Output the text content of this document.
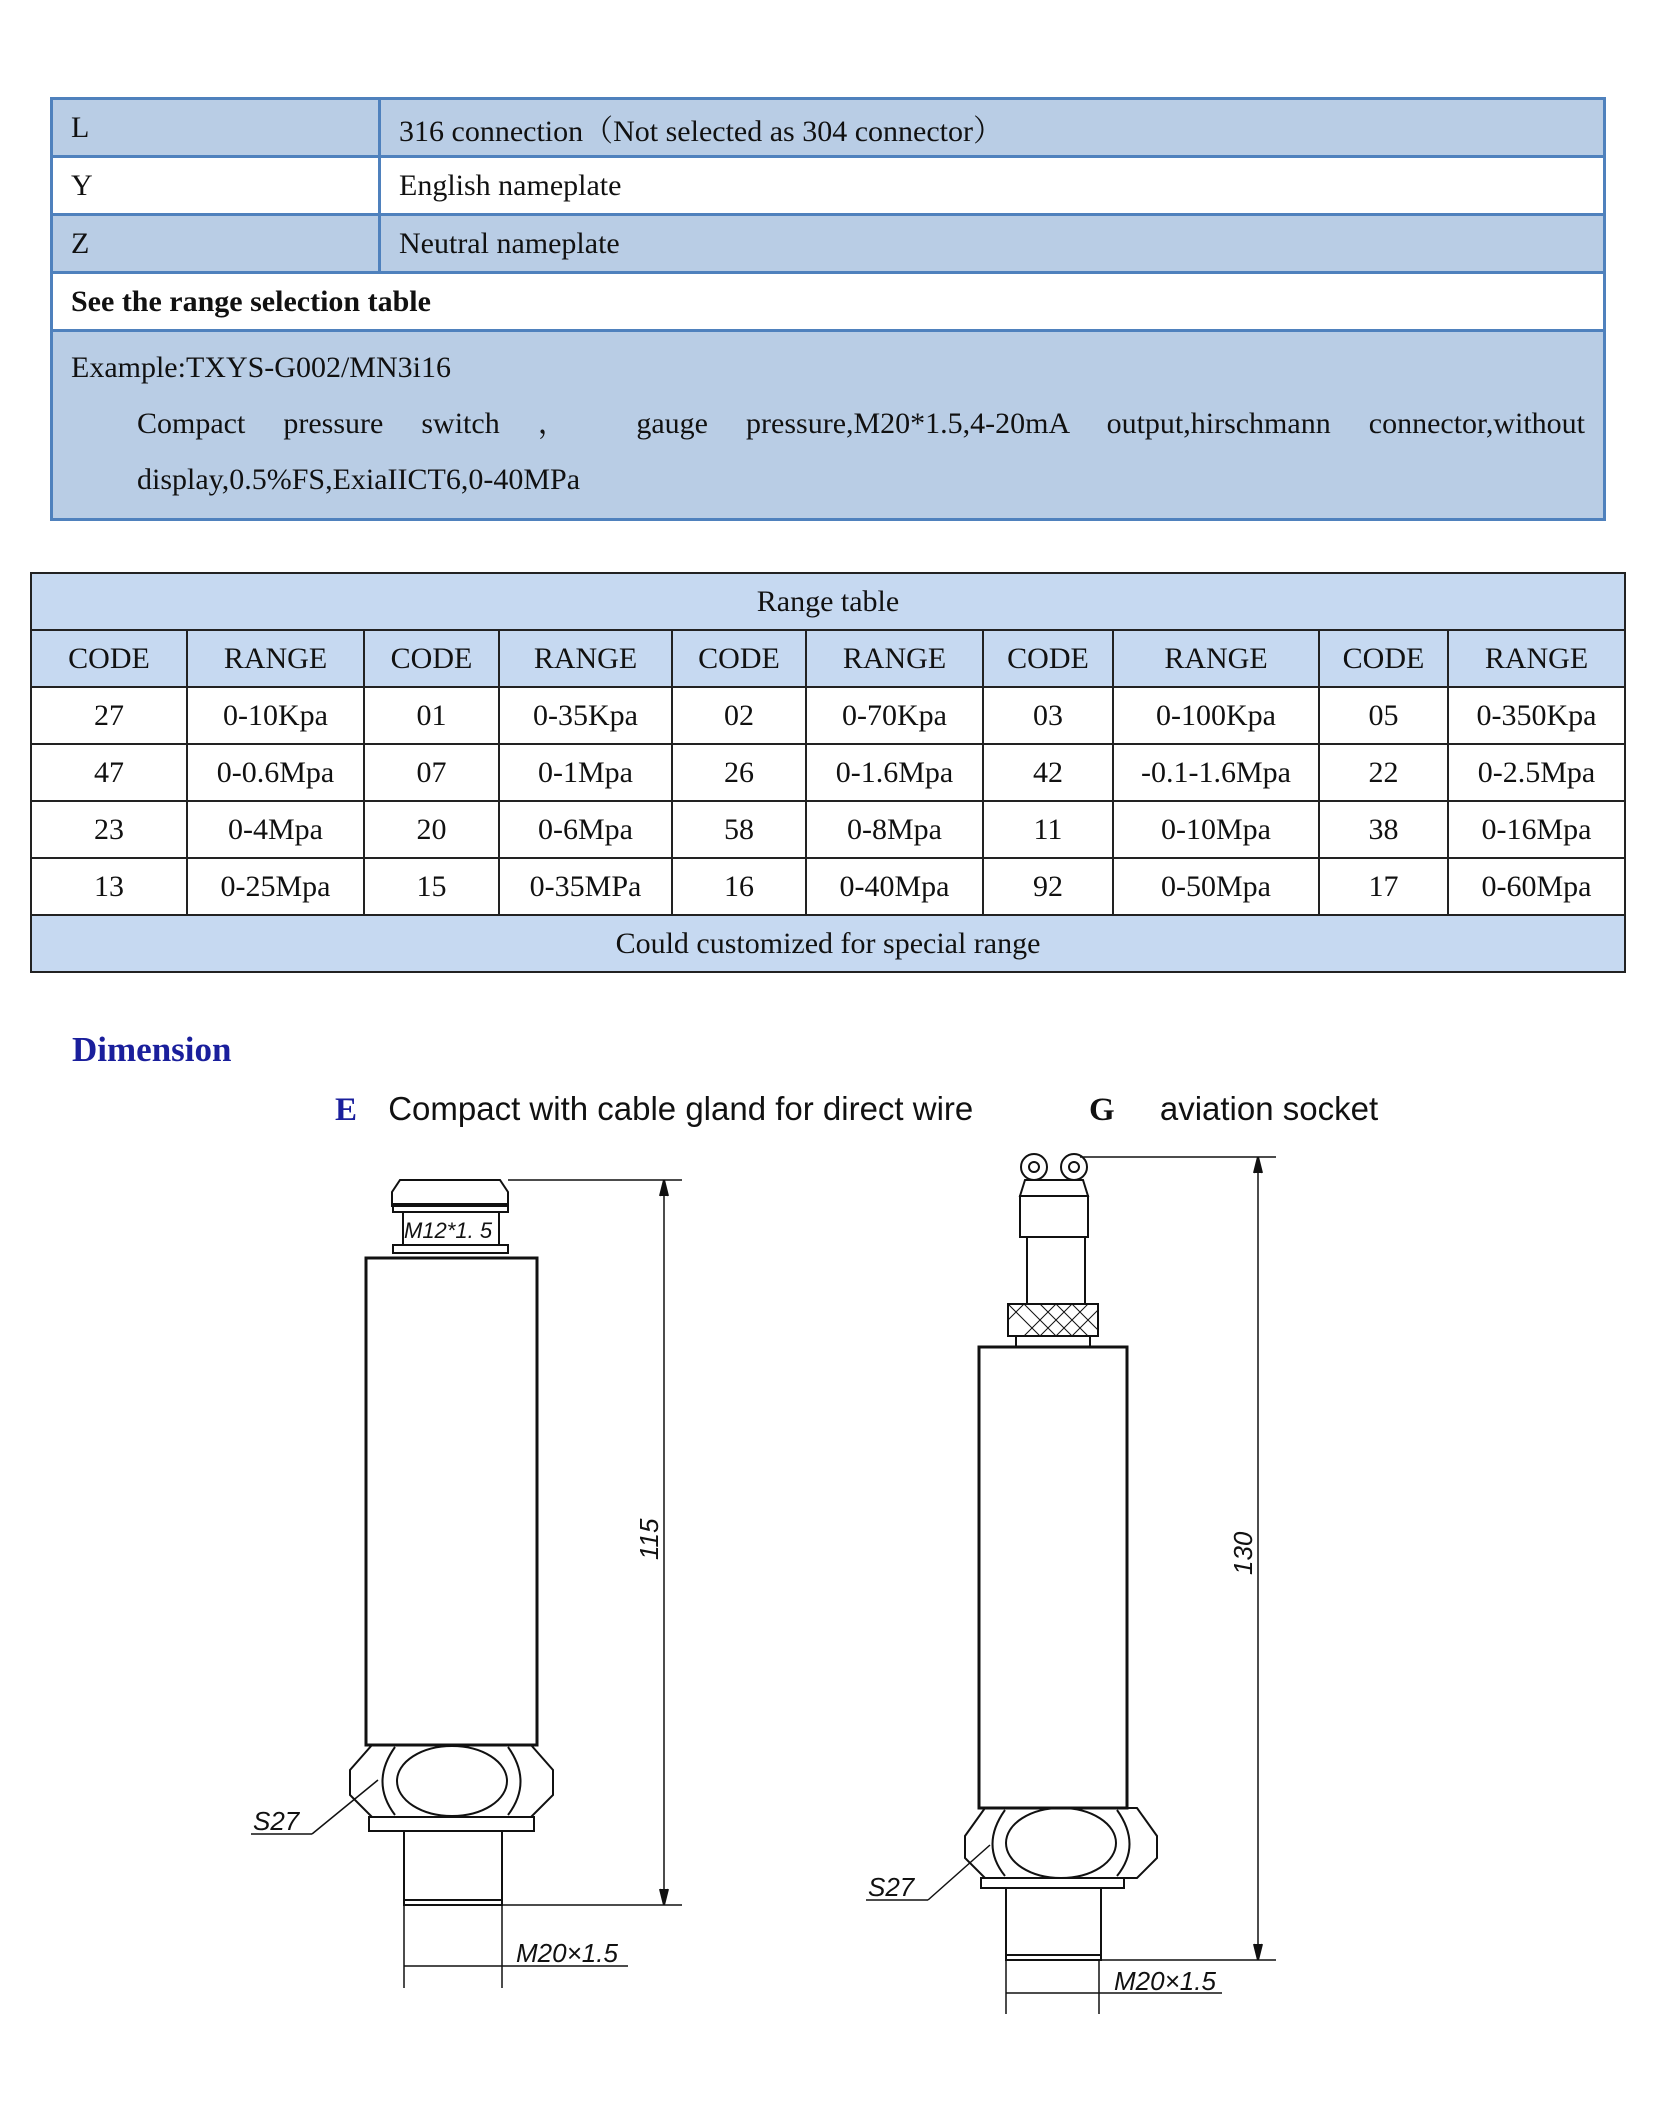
L	316 connection（Not selected as 304 connector）
Y	English nameplate
Z	Neutral nameplate
See the range selection table	
Example:TXYS-G002/MN3i16
Compact pressure switch ， gauge pressure,M20*1.5,4-20mA output,hirschmann connector,without display,0.5%FS,ExiaIICT6,0-40MPa	
Range table									
CODE	RANGE	CODE	RANGE	CODE	RANGE	CODE	RANGE	CODE	RANGE
27	0-10Kpa	01	0-35Kpa	02	0-70Kpa	03	0-100Kpa	05	0-350Kpa
47	0-0.6Mpa	07	0-1Mpa	26	0-1.6Mpa	42	-0.1-1.6Mpa	22	0-2.5Mpa
23	0-4Mpa	20	0-6Mpa	58	0-8Mpa	11	0-10Mpa	38	0-16Mpa
13	0-25Mpa	15	0-35MPa	16	0-40Mpa	92	0-50Mpa	17	0-60Mpa
Could customized for special range									
Dimension
E Compact with cable gland for direct wire	G aviation socket
M12*1. 5
115
S27
M20×1.5
130
S27
M20×1.5
